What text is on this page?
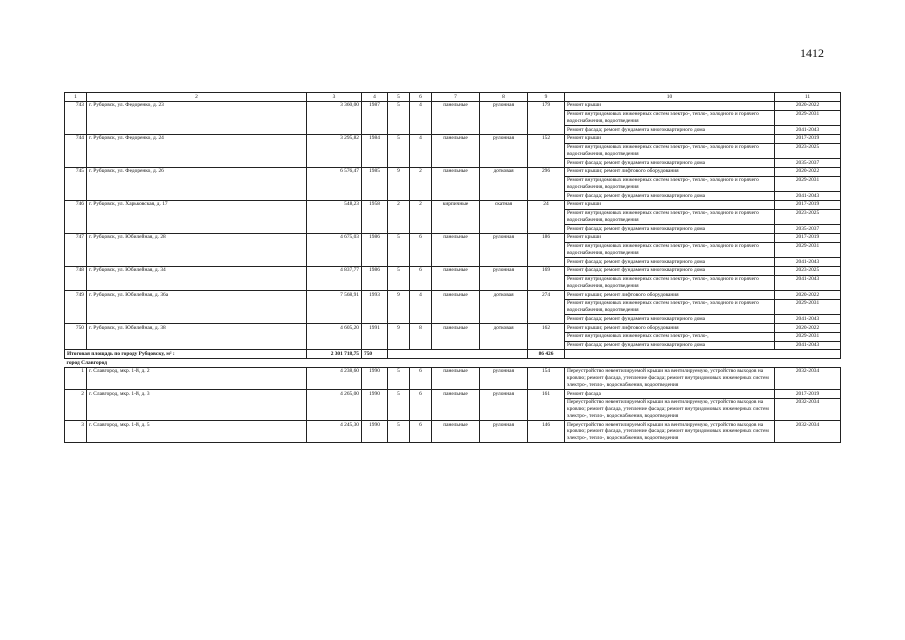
1412
1	2	3	4	5	6	7	8	9	10	11
743	г. Рубцовск, ул. Федоренко, д. 23	3 360,00	1987	5	4	панельные	рулонная	179	Ремонт крыши	2020-2022
									Ремонт внутридомовых инженерных систем электро-, тепло-, холодного и горячего водоснабжения, водоотведения	2029-2031
									Ремонт фасада; ремонт фундамента многоквартирного дома	2041-2043
744	г. Рубцовск, ул. Федоренко, д. 24	3 295,82	1984	5	4	панельные	рулонная	152	Ремонт крыши	2017-2019
									Ремонт внутридомовых инженерных систем электро-, тепло-, холодного и горячего водоснабжения, водоотведения	2023-2025
									Ремонт фасада; ремонт фундамента многоквартирного дома	2035-2037
745	г. Рубцовск, ул. Федоренко, д. 26	6 576,47	1985	9	2	панельные	дотковая	296	Ремонт крыши; ремонт лифтового оборудования	2020-2022
									Ремонт внутридомовых инженерных систем электро-, тепло-, холодного и горячего водоснабжения, водоотведения	2029-2031
									Ремонт фасада; ремонт фундамента многоквартирного дома	2041-2043
746	г. Рубцовск, ул. Харьковская, д. 17	548,23	1958	2	2	кирпичные	скатная	24	Ремонт крыши	2017-2019
									Ремонт внутридомовых инженерных систем электро-, тепло-, холодного и горячего водоснабжения, водоотведения	2023-2025
									Ремонт фасада; ремонт фундамента многоквартирного дома	2035-2037
747	г. Рубцовск, ул. Юбилейная, д. 28	4 675,03	1986	5	6	панельные	рулонная	186	Ремонт крыши	2017-2019
									Ремонт внутридомовых инженерных систем электро-, тепло-, холодного и горячего водоснабжения, водоотведения	2029-2031
									Ремонт фасада; ремонт фундамента многоквартирного дома	2041-2043
748	г. Рубцовск, ул. Юбилейная, д. 34	4 837,77	1986	5	6	панельные	рулонная	169	Ремонт фасада; ремонт фундамента многоквартирного дома	2023-2025
									Ремонт внутридомовых инженерных систем электро-, тепло-, холодного и горячего водоснабжения, водоотведения	2041-2043
749	г. Рубцовск, ул. Юбилейная, д. 36а	7 568,91	1993	9	4	панельные	дотковая	274	Ремонт крыши; ремонт лифтового оборудования	2020-2022
									Ремонт внутридомовых инженерных систем электро-, тепло-, холодного и горячего водоснабжения, водоотведения	2029-2031
									Ремонт фасада; ремонт фундамента многоквартирного дома	2041-2043
750	г. Рубцовск, ул. Юбилейная, д. 38	4 605,20	1991	9	8	панельные	дотковая	162	Ремонт крыши; ремонт лифтового оборудования	2020-2022
									Ремонт внутридомовых инженерных систем электро-, тепло-,	2029-2031
									Ремонт фасада; ремонт фундамента многоквартирного дома	2041-2043
Итоговая площадь по городу Рубцовску, м² :		2 301 718,75	750					86 426		
город Славгород										
1	г. Славгород, мкр. 1-й, д. 2	4 238,60	1990	5	6	панельные	рулонная	154	Переустройство невентилируемой крыши на вентилируемую, устройство выходов на кровлю; ремонт фасада, утепление фасада; ремонт внутридомовых инженерных систем электро-, тепло-, водоснабжения, водоотведения	2032-2034
2	г. Славгород, мкр. 1-й, д. 3	4 265,00	1990	5	6	панельные	рулонная	161	Ремонт фасада	2017-2019
									Переустройство невентилируемой крыши на вентилируемую, устройство выходов на кровлю; ремонт фасада, утепление фасада; ремонт внутридомовых инженерных систем электро-, тепло-, водоснабжения, водоотведения	2032-2034
3	г. Славгород, мкр. 1-й, д. 5	4 245,30	1990	5	6	панельные	рулонная	146	Переустройство невентилируемой крыши на вентилируемую, устройство выходов на кровлю; ремонт фасада, утепление фасада; ремонт внутридомовых инженерных систем электро-, тепло-, водоснабжения, водоотведения	2032-2034
